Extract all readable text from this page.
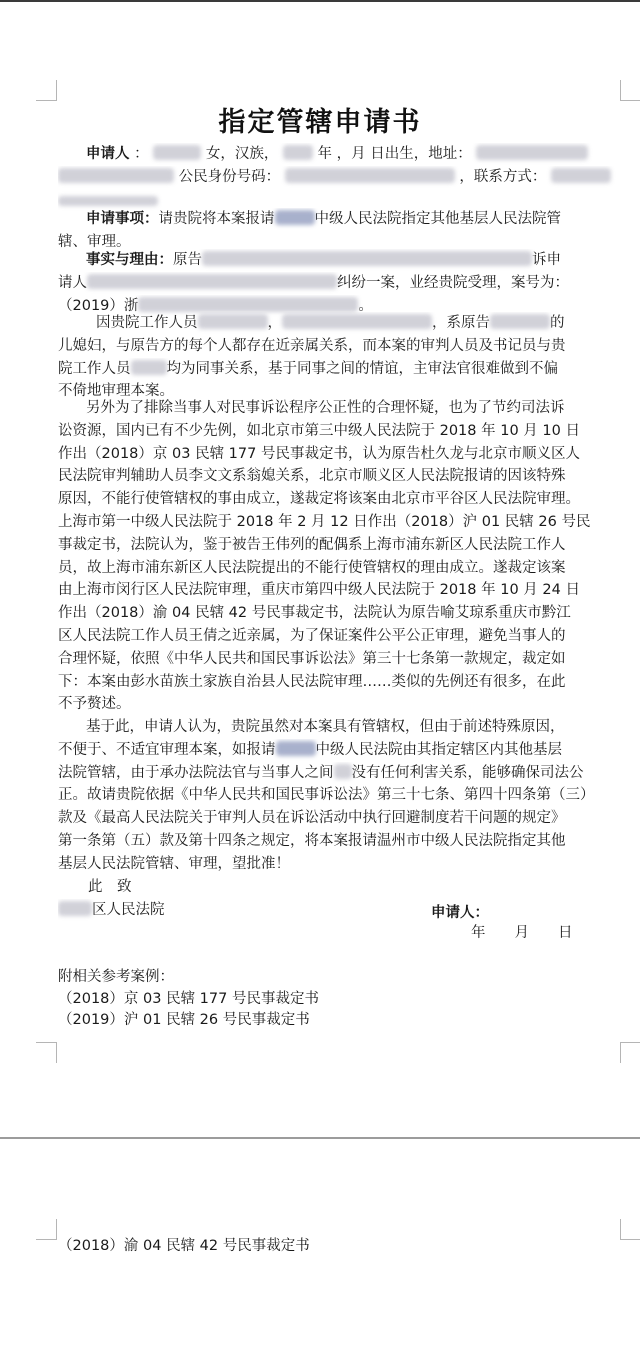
指定管辖申请书

申请人 ：	女，汉族，	年 ，月 日出生，地址：

公民身份号码：	，联系方式：

申请事项：请贵院将本案报请	中级人民法院指定其他基层人民法院管

辖、审理。

事实与理由：原告	诉申

请人	纠纷一案，业经贵院受理，案号为：

（2019）浙	。

因贵院工作人员	，	，系原告	的

儿媳妇，与原告方的每个人都存在近亲属关系，而本案的审判人员及书记员与贵

院工作人员 均为同事关系，基于同事之间的情谊，主审法官很难做到不偏

不倚地审理本案。

另外为了排除当事人对民事诉讼程序公正性的合理怀疑，也为了节约司法诉

讼资源，国内已有不少先例，如北京市第三中级人民法院于 2018 年 10 月 10 日

作出（2018）京 03 民辖 177 号民事裁定书，认为原告杜久龙与北京市顺义区人

民法院审判辅助人员李文文系翁媳关系，北京市顺义区人民法院报请的因该特殊

原因，不能行使管辖权的事由成立，遂裁定将该案由北京市平谷区人民法院审理。

上海市第一中级人民法院于 2018 年 2 月 12 日作出（2018）沪 01 民辖 26 号民

事裁定书，法院认为，鉴于被告王伟列的配偶系上海市浦东新区人民法院工作人

员，故上海市浦东新区人民法院提出的不能行使管辖权的理由成立。遂裁定该案

由上海市闵行区人民法院审理，重庆市第四中级人民法院于 2018 年 10 月 24 日

作出（2018）渝 04 民辖 42 号民事裁定书，法院认为原告喻艾琼系重庆市黔江

区人民法院工作人员王倩之近亲属，为了保证案件公平公正审理，避免当事人的

合理怀疑，依照《中华人民共和国民事诉讼法》第三十七条第一款规定，裁定如

下：本案由彭水苗族土家族自治县人民法院审理……类似的先例还有很多，在此

不予赘述。

基于此，申请人认为，贵院虽然对本案具有管辖权，但由于前述特殊原因，

不便于、不适宜审理本案，如报请	中级人民法院由其指定辖区内其他基层

法院管辖，由于承办法院法官与当事人之间 没有任何利害关系，能够确保司法公

正。故请贵院依据《中华人民共和国民事诉讼法》第三十七条、第四十四条第（三）

款及《最高人民法院关于审判人员在诉讼活动中执行回避制度若干问题的规定》

第一条第（五）款及第十四条之规定，将本案报请温州市中级人民法院指定其他

基层人民法院管辖、审理，望批准！

此　致

区人民法院	申请人：
年　　月　　日
附相关参考案例：
（2018）京 03 民辖 177 号民事裁定书
（2019）沪 01 民辖 26 号民事裁定书
（2018）渝 04 民辖 42 号民事裁定书
